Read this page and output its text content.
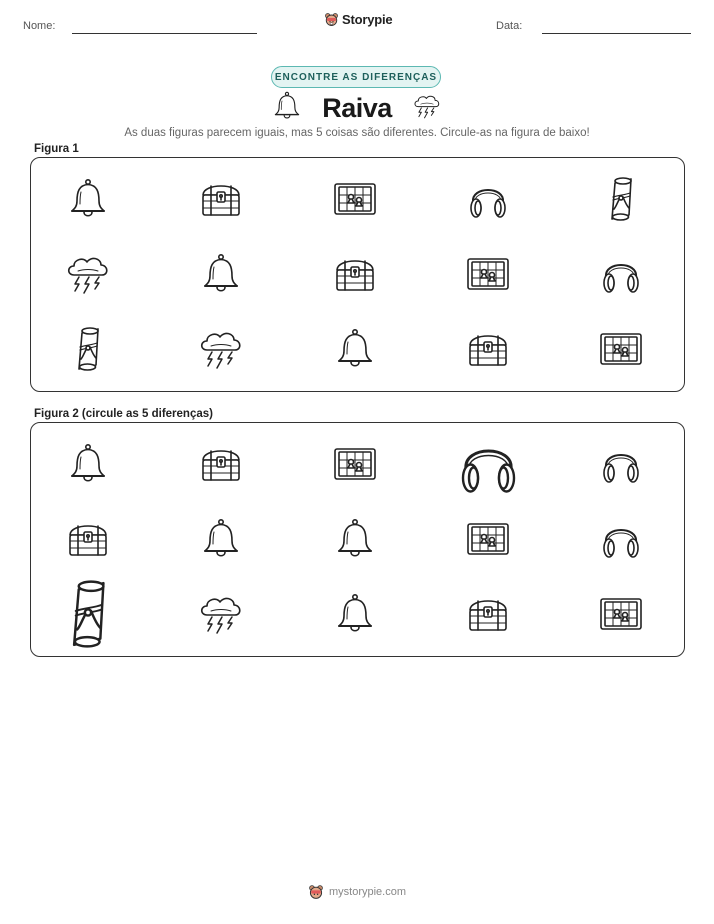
Nome:	Storypie	Data:
ENCONTRE AS DIFERENÇAS
Raiva
As duas figuras parecem iguais, mas 5 coisas são diferentes. Circule-as na figura de baixo!
Figura 1
Figura 2 (circule as 5 diferenças)
mystorypie.com
